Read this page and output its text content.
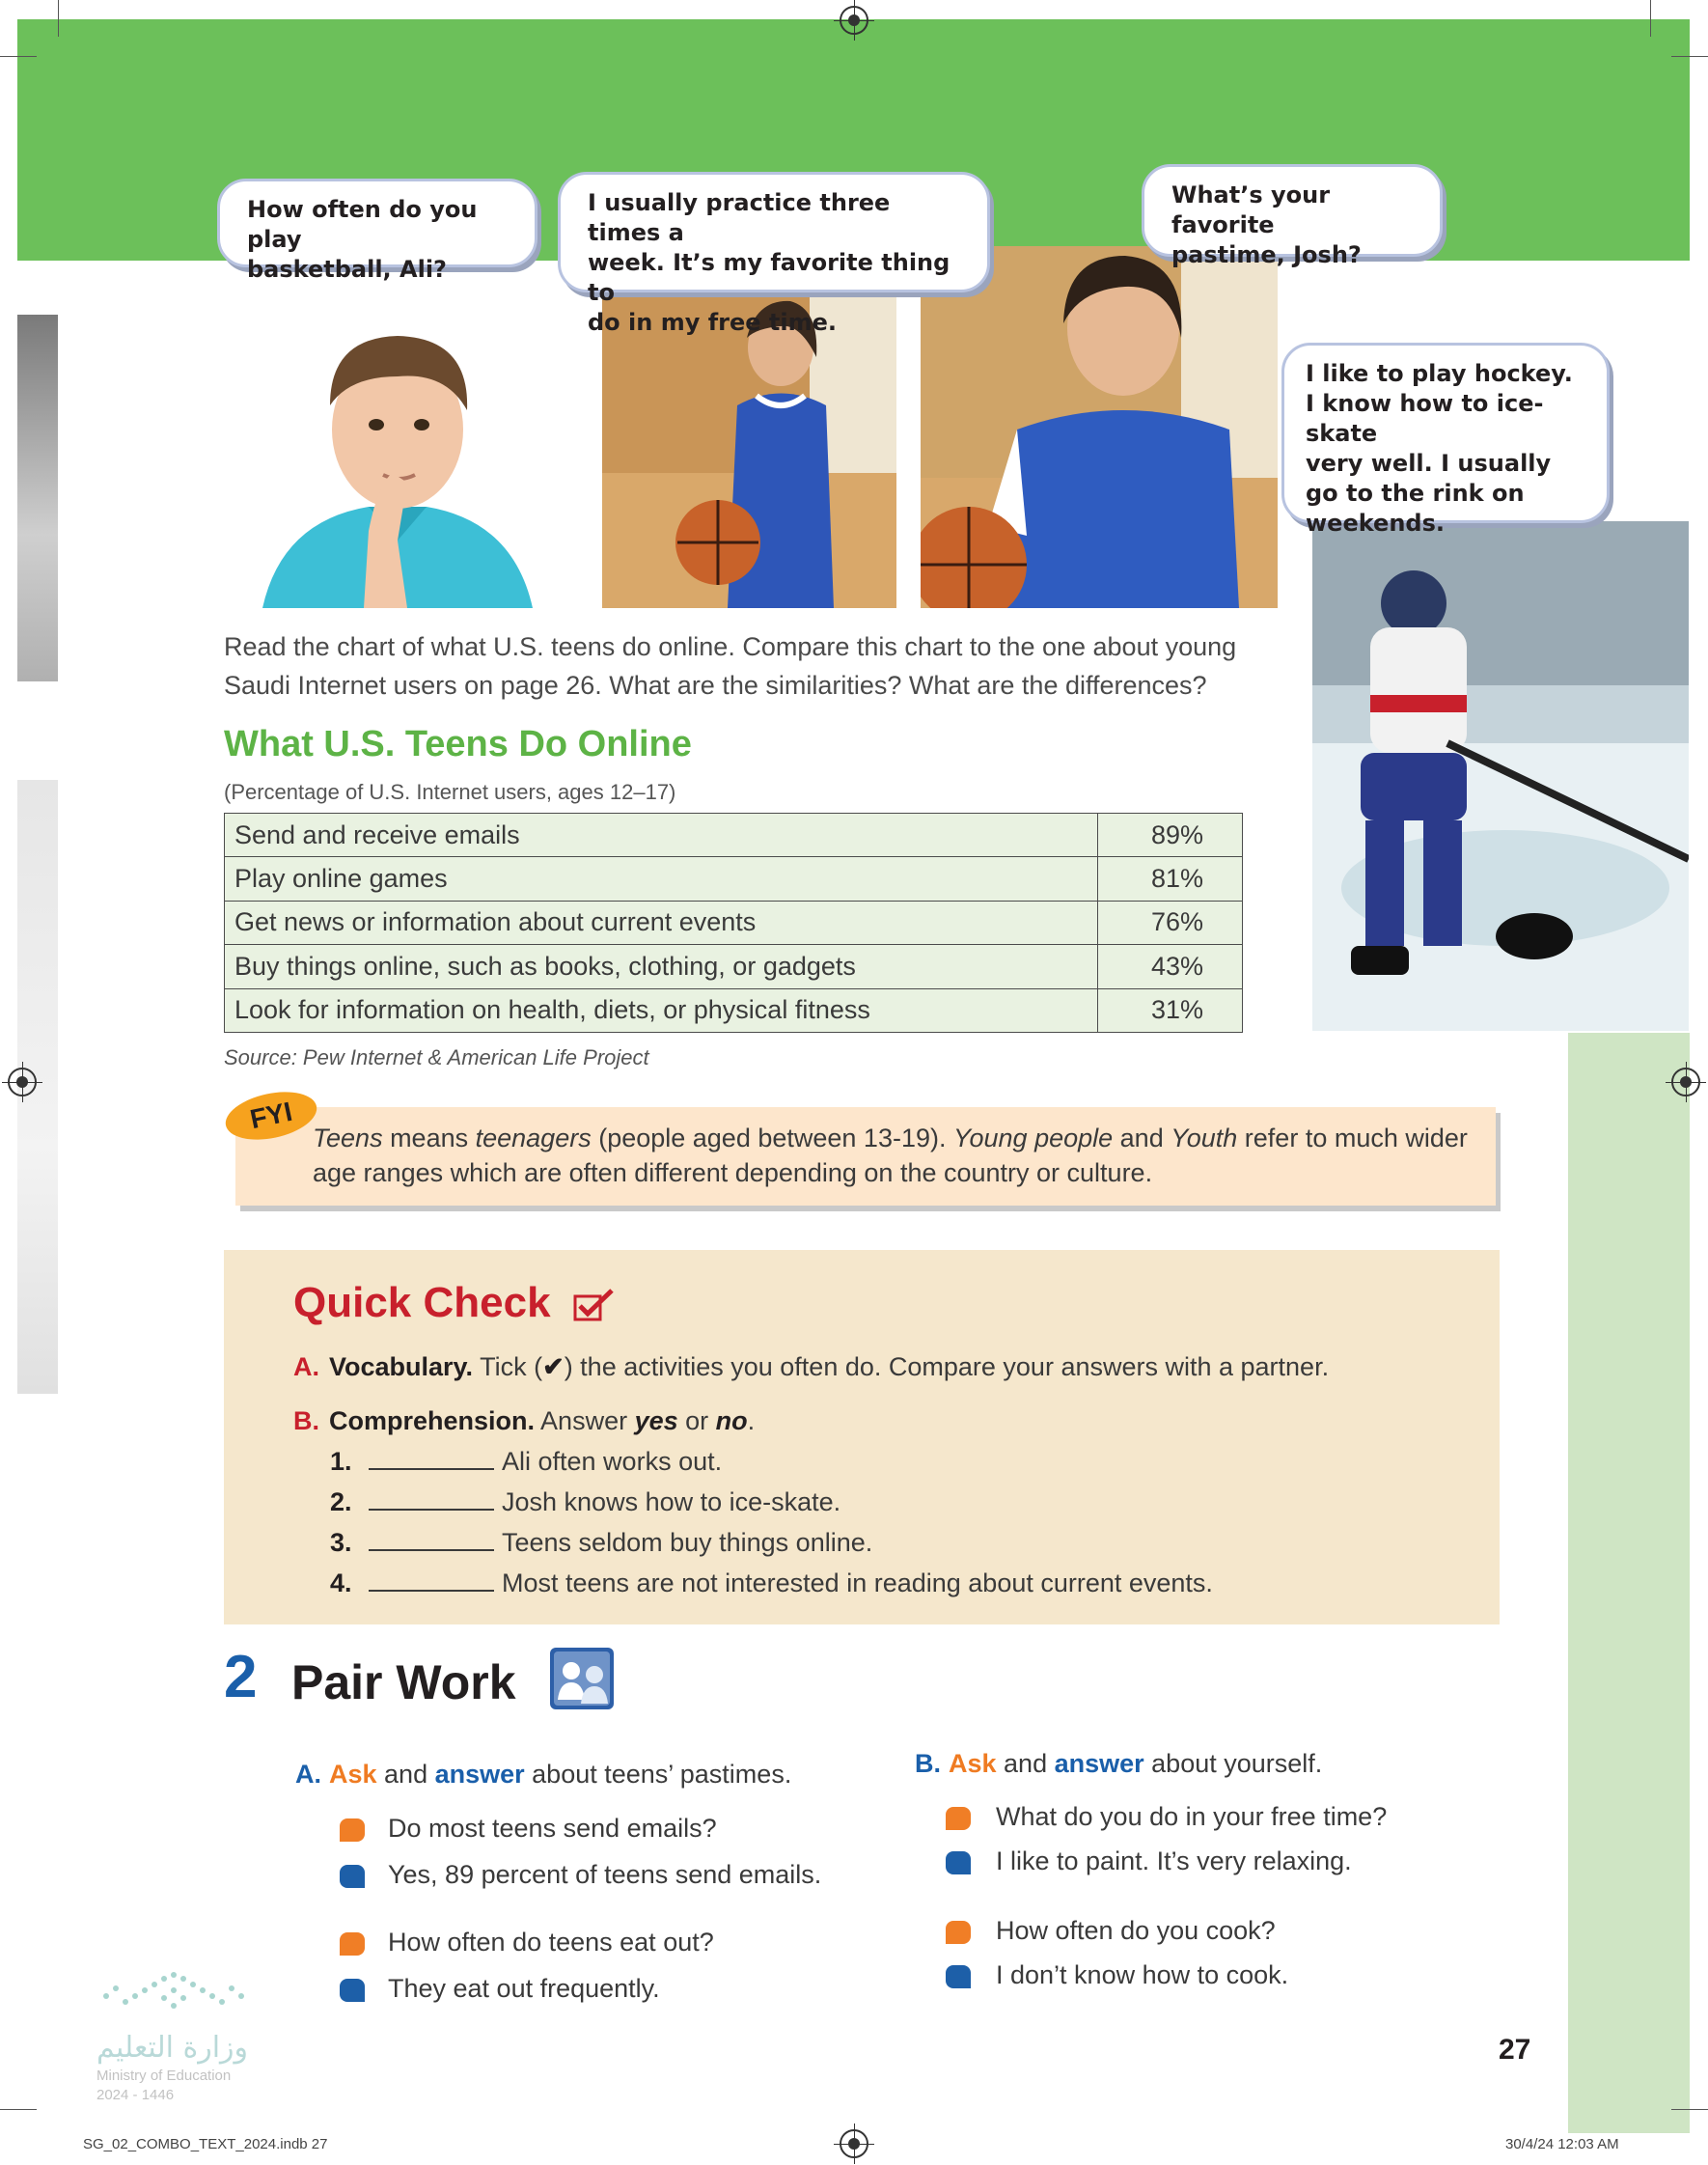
How often do you play
basketball, Ali?
I usually practice three times a
week. It’s my favorite thing to
do in my free time.
What’s your favorite
pastime, Josh?
I like to play hockey.
I know how to ice-skate
very well. I usually
go to the rink on
weekends.

Read the chart of what U.S. teens do online. Compare this chart to the one about young Saudi Internet users on page 26. What are the similarities? What are the differences?

What U.S. Teens Do Online
(Percentage of U.S. Internet users, ages 12–17)
Send and receive emails	89%
Play online games	81%
Get news or information about current events	76%
Buy things online, such as books, clothing, or gadgets	43%
Look for information on health, diets, or physical fitness	31%
Source: Pew Internet & American Life Project

Teens means teenagers (people aged between 13-19). Young people and Youth refer to much wider age ranges which are often different depending on the country or culture.

FYI
Quick Check

A. Vocabulary. Tick (✔) the activities you often do. Compare your answers with a partner.

B. Comprehension. Answer yes or no.

1.	Ali often works out.

2.	Josh knows how to ice-skate.

3.	Teens seldom buy things online.

4.	Most teens are not interested in reading about current events.

2 Pair Work

A. Ask and answer about teens’ pastimes.

Do most teens send emails?

Yes, 89 percent of teens send emails.

How often do teens eat out?

They eat out frequently.

B. Ask and answer about yourself.

What do you do in your free time?

I like to paint. It’s very relaxing.

How often do you cook?

I don’t know how to cook.

وزارة التعليم
Ministry of Education
2024 - 1446
27
SG_02_COMBO_TEXT_2024.indb 27	30/4/24 12:03 AM
